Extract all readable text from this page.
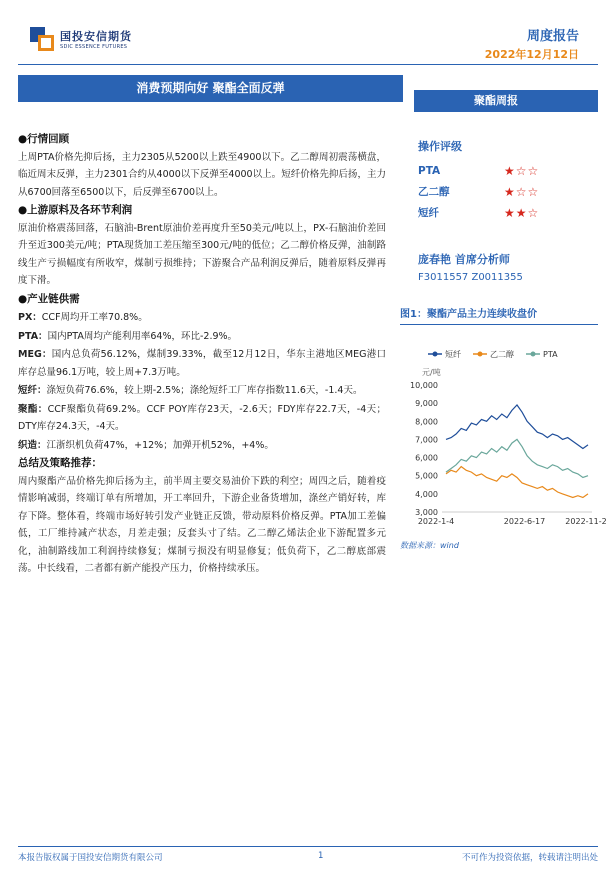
国投安信期货
SDIC ESSENCE FUTURES
周度报告
2022年12月12日
消费预期向好 聚酯全面反弹
聚酯周报
●行情回顾
上周PTA价格先抑后扬，主力2305从5200以上跌至4900以下。乙二醇周初震荡横盘，临近周末反弹，主力2301合约从4000以下反弹至4000以上。短纤价格先抑后扬，主力从6700回落至6500以下，后反弹至6700以上。
●上游原料及各环节利润
原油价格震荡回落，石脑油-Brent原油价差再度升至50美元/吨以上，PX-石脑油价差回升至近300美元/吨；PTA现货加工差压缩至300元/吨的低位；乙二醇价格反弹，油制路线生产亏损幅度有所收窄，煤制亏损维持；下游聚合产品利润反弹后，随着原料反弹再度下滑。
●产业链供需
PX：CCF周均开工率70.8%。
PTA：国内PTA周均产能利用率64%，环比-2.9%。
MEG：国内总负荷56.12%，煤制39.33%，截至12月12日，华东主港地区MEG港口库存总量96.1万吨，较上周+7.3万吨。
短纤：涤短负荷76.6%，较上期-2.5%；涤纶短纤工厂库存指数11.6天，-1.4天。
聚酯：CCF聚酯负荷69.2%。CCF POY库存23天，-2.6天；FDY库存22.7天，-4天；DTY库存24.3天，-4天。
织造：江浙织机负荷47%，+12%；加弹开机52%，+4%。
总结及策略推荐：
周内聚酯产品价格先抑后扬为主，前半周主要交易油价下跌的利空；周四之后，随着疫情影响减弱，终端订单有所增加，开工率回升，下游企业备货增加，涤丝产销好转，库存下降。整体看，终端市场好转引发产业链正反馈，带动原料价格反弹。PTA加工差偏低，工厂维持减产状态，月差走强；反套头寸了结。乙二醇乙烯法企业下游配置多元化，油制路线加工利润持续修复；煤制亏损没有明显修复；低负荷下，乙二醇底部震荡。中长线看，二者都有新产能投产压力，价格持续承压。
操作评级
PTA	★☆☆
乙二醇	★☆☆
短纤	★★☆
庞春艳 首席分析师
F3011557 Z0011355
图1：聚酯产品主力连续收盘价
短纤	乙二醇	PTA
元/吨
3,000
4,000
5,000
6,000
7,000
8,000
9,000
10,000
2022-1-4	2022-6-17	2022-11-2
数据来源：wind
本报告版权属于国投安信期货有限公司	1	不可作为投资依据，转载请注明出处
